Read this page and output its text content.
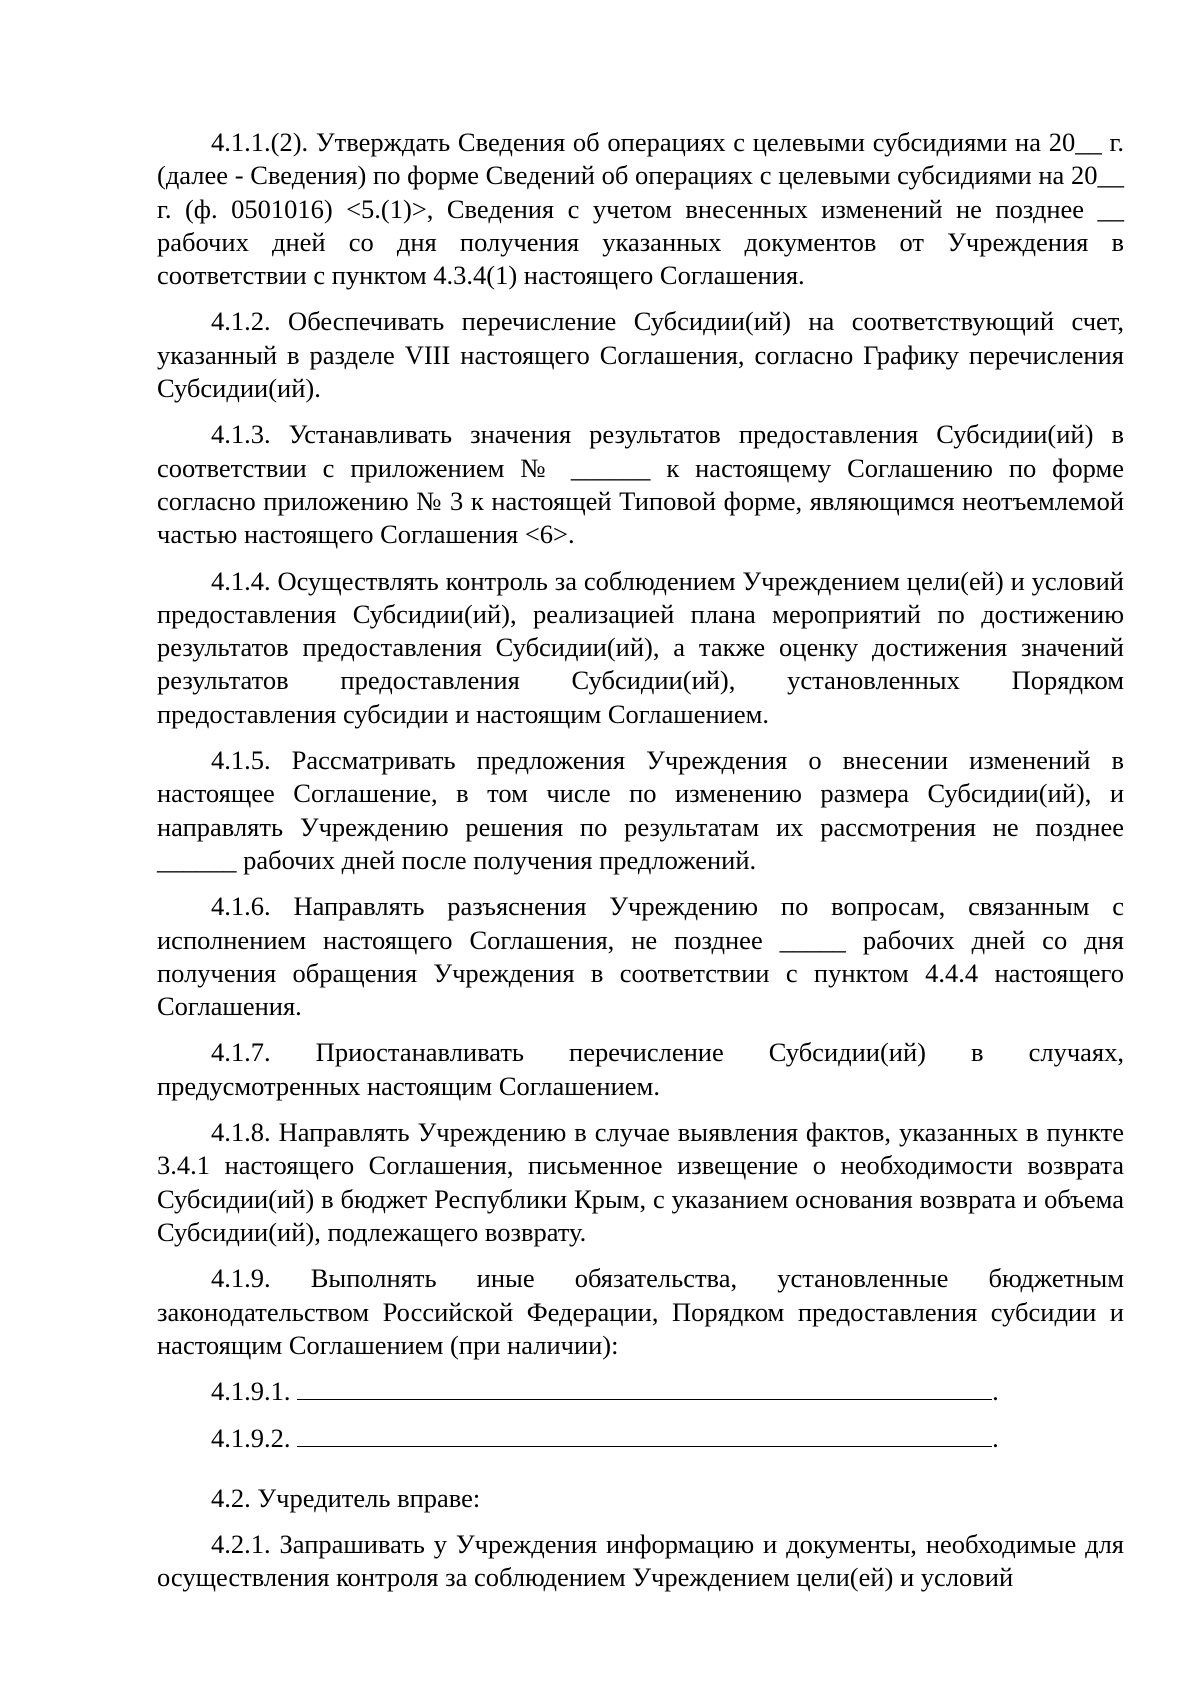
4.1.1.(2). Утверждать Сведения об операциях с целевыми субсидиями на 20__ г. (далее - Сведения) по форме Сведений об операциях с целевыми субсидиями на 20__ г. (ф. 0501016) <5.(1)>, Сведения с учетом внесенных изменений не позднее __ рабочих дней со дня получения указанных документов от Учреждения в соответствии с пунктом 4.3.4(1) настоящего Соглашения.

4.1.2. Обеспечивать перечисление Субсидии(ий) на соответствующий счет, указанный в разделе VIII настоящего Соглашения, согласно Графику перечисления Субсидии(ий).

4.1.3. Устанавливать значения результатов предоставления Субсидии(ий) в соответствии с приложением № ______ к настоящему Соглашению по форме согласно приложению № 3 к настоящей Типовой форме, являющимся неотъемлемой частью настоящего Соглашения <6>.

4.1.4. Осуществлять контроль за соблюдением Учреждением цели(ей) и условий предоставления Субсидии(ий), реализацией плана мероприятий по достижению результатов предоставления Субсидии(ий), а также оценку достижения значений результатов предоставления Субсидии(ий), установленных Порядком предоставления субсидии и настоящим Соглашением.

4.1.5. Рассматривать предложения Учреждения о внесении изменений в настоящее Соглашение, в том числе по изменению размера Субсидии(ий), и направлять Учреждению решения по результатам их рассмотрения не позднее ______ рабочих дней после получения предложений.

4.1.6. Направлять разъяснения Учреждению по вопросам, связанным с исполнением настоящего Соглашения, не позднее _____ рабочих дней со дня получения обращения Учреждения в соответствии с пунктом 4.4.4 настоящего Соглашения.

4.1.7. Приостанавливать перечисление Субсидии(ий) в случаях, предусмотренных настоящим Соглашением.

4.1.8. Направлять Учреждению в случае выявления фактов, указанных в пункте 3.4.1 настоящего Соглашения, письменное извещение о необходимости возврата Субсидии(ий) в бюджет Республики Крым, с указанием основания возврата и объема Субсидии(ий), подлежащего возврату.

4.1.9. Выполнять иные обязательства, установленные бюджетным законодательством Российской Федерации, Порядком предоставления субсидии и настоящим Соглашением (при наличии):

4.1.9.1.	.
4.1.9.2.	.

4.2. Учредитель вправе:

4.2.1. Запрашивать у Учреждения информацию и документы, необходимые для осуществления контроля за соблюдением Учреждением цели(ей) и условий
